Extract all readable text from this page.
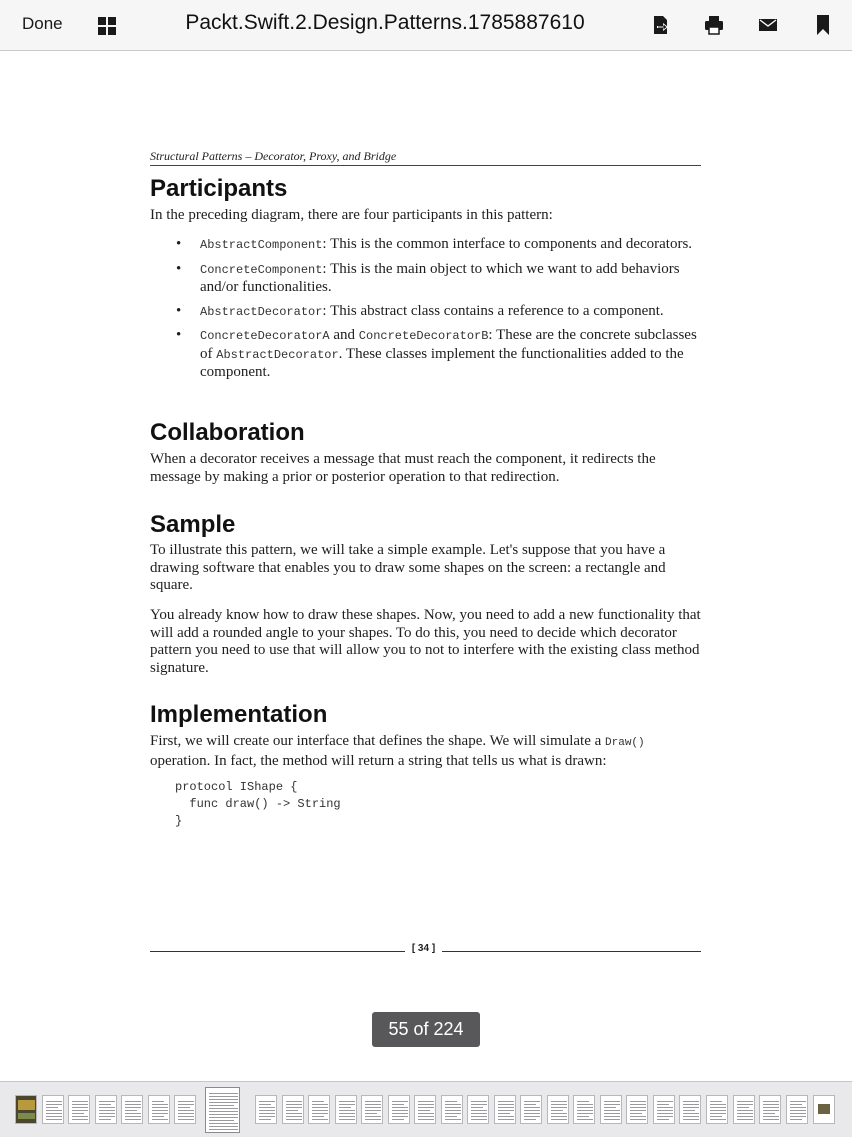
Done	Packt.Swift.2.Design.Patterns.1785887610
Structural Patterns – Decorator, Proxy, and Bridge
Participants

In the preceding diagram, there are four participants in this pattern:

• AbstractComponent: This is the common interface to components and decorators.
• ConcreteComponent: This is the main object to which we want to add behaviors and/or functionalities.
• AbstractDecorator: This abstract class contains a reference to a component.
• ConcreteDecoratorA and ConcreteDecoratorB: These are the concrete subclasses of AbstractDecorator. These classes implement the functionalities added to the component.
Collaboration

When a decorator receives a message that must reach the component, it redirects the message by making a prior or posterior operation to that redirection.

Sample

To illustrate this pattern, we will take a simple example. Let's suppose that you have a drawing software that enables you to draw some shapes on the screen: a rectangle and square.

You already know how to draw these shapes. Now, you need to add a new functionality that will add a rounded angle to your shapes. To do this, you need to decide which decorator pattern you need to use that will allow you to not to interfere with the existing class method signature.

Implementation

First, we will create our interface that defines the shape. We will simulate a Draw() operation. In fact, the method will return a string that tells us what is drawn:

protocol IShape {
func draw() -> String
}
[ 34 ]
55 of 224
